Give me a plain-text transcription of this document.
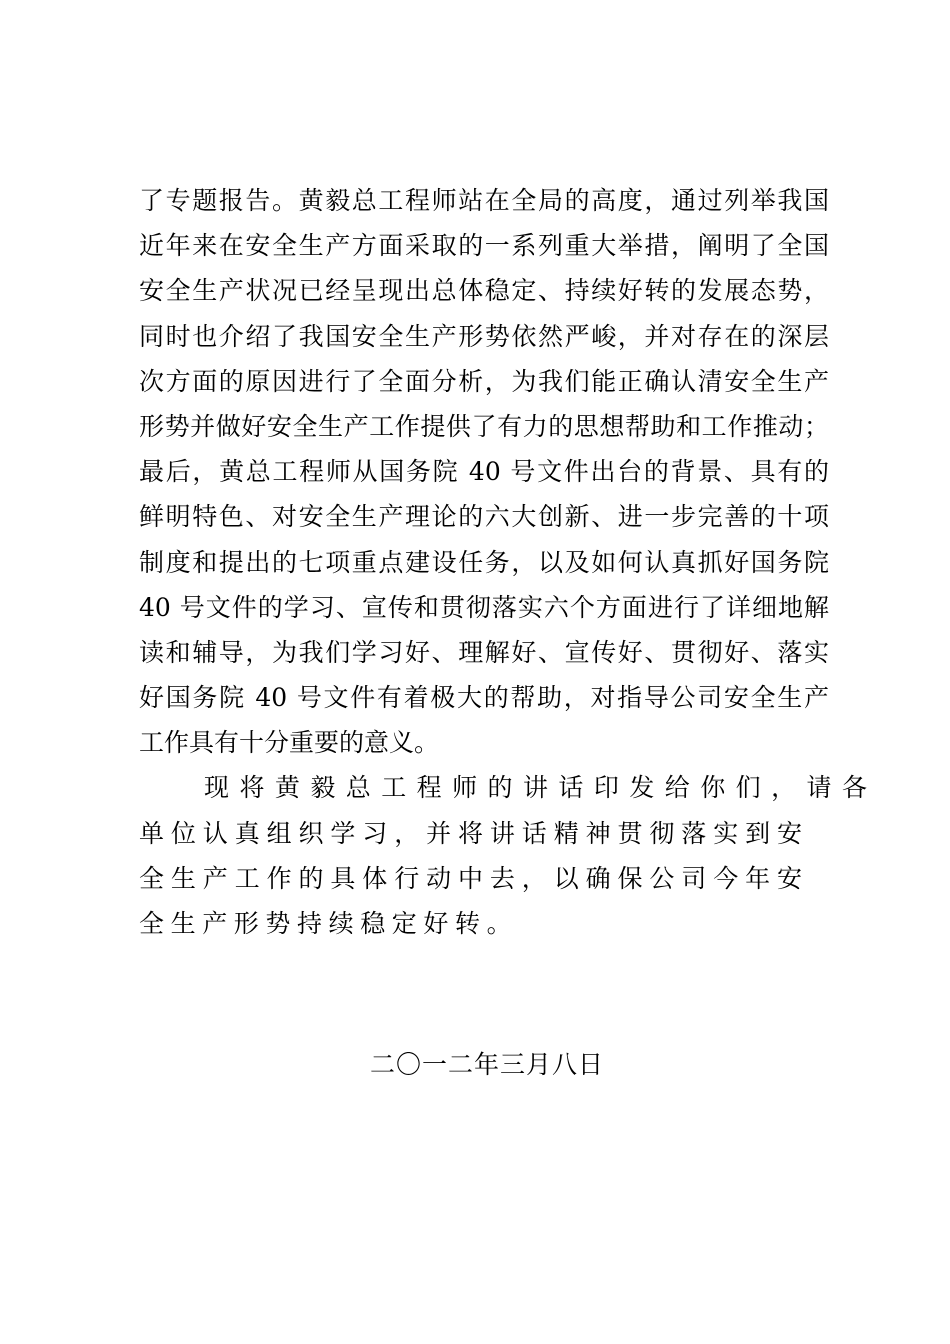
了专题报告。黄毅总工程师站在全局的高度，通过列举我国
近年来在安全生产方面采取的一系列重大举措，阐明了全国
安全生产状况已经呈现出总体稳定、持续好转的发展态势，
同时也介绍了我国安全生产形势依然严峻，并对存在的深层
次方面的原因进行了全面分析，为我们能正确认清安全生产
形势并做好安全生产工作提供了有力的思想帮助和工作推动；
最后，黄总工程师从国务院 40 号文件出台的背景、具有的
鲜明特色、对安全生产理论的六大创新、进一步完善的十项
制度和提出的七项重点建设任务，以及如何认真抓好国务院
40 号文件的学习、宣传和贯彻落实六个方面进行了详细地解
读和辅导，为我们学习好、理解好、宣传好、贯彻好、落实
好国务院 40 号文件有着极大的帮助，对指导公司安全生产
工作具有十分重要的意义。
现将黄毅总工程师的讲话印发给你们，请各
单位认真组织学习，并将讲话精神贯彻落实到安
全生产工作的具体行动中去，以确保公司今年安
全生产形势持续稳定好转。
二〇一二年三月八日
